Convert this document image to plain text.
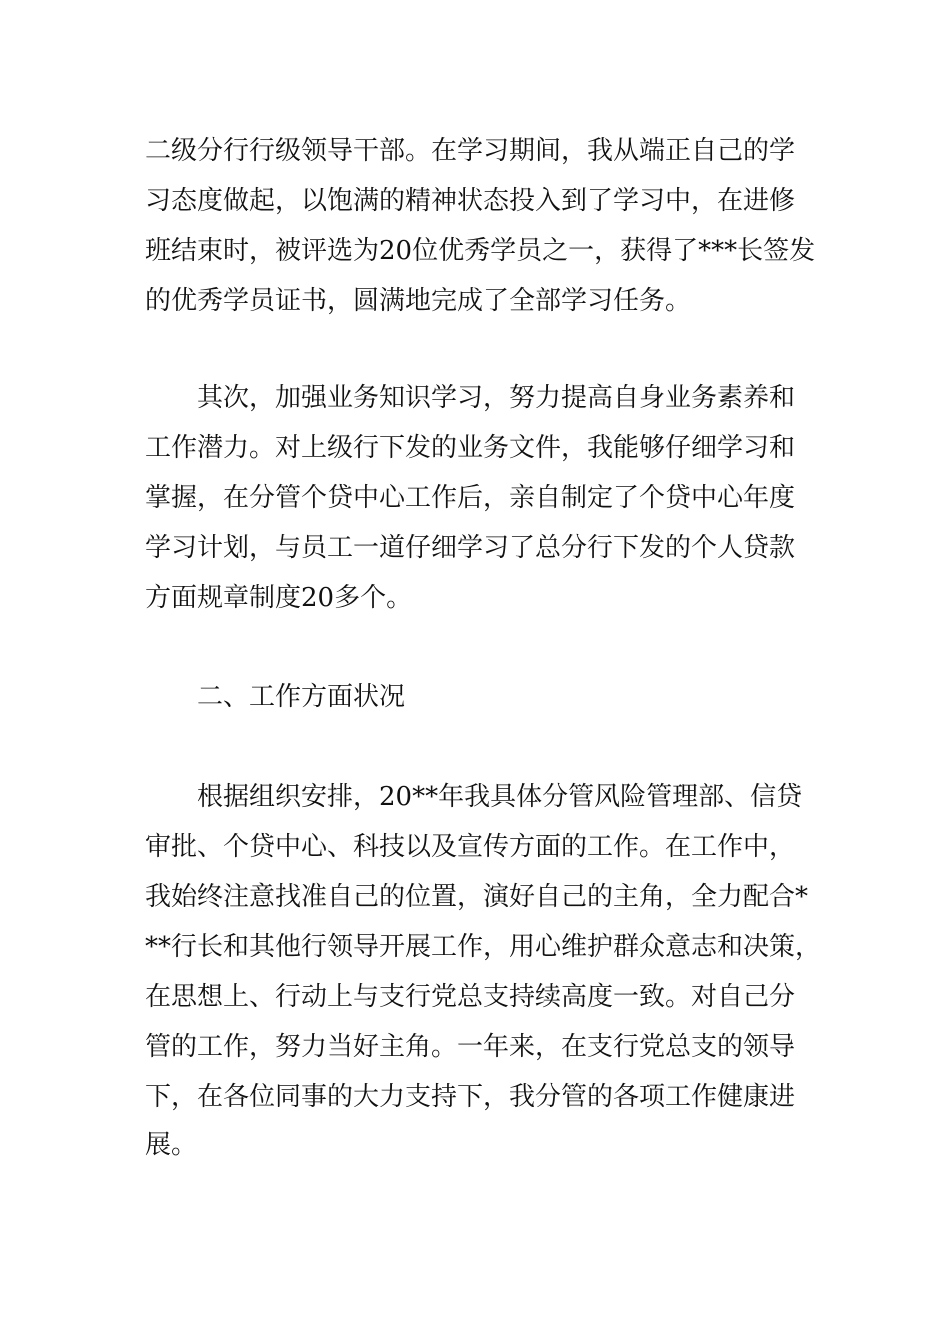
二级分行行级领导干部。在学习期间，我从端正自己的学
习态度做起，以饱满的精神状态投入到了学习中，在进修
班结束时，被评选为20位优秀学员之一，获得了***长签发
的优秀学员证书，圆满地完成了全部学习任务。
其次，加强业务知识学习，努力提高自身业务素养和
工作潜力。对上级行下发的业务文件，我能够仔细学习和
掌握，在分管个贷中心工作后，亲自制定了个贷中心年度
学习计划，与员工一道仔细学习了总分行下发的个人贷款
方面规章制度20多个。
二、工作方面状况
根据组织安排，20**年我具体分管风险管理部、信贷
审批、个贷中心、科技以及宣传方面的工作。在工作中，
我始终注意找准自己的位置，演好自己的主角，全力配合*
**行长和其他行领导开展工作，用心维护群众意志和决策，
在思想上、行动上与支行党总支持续高度一致。对自己分
管的工作，努力当好主角。一年来，在支行党总支的领导
下，在各位同事的大力支持下，我分管的各项工作健康进
展。
